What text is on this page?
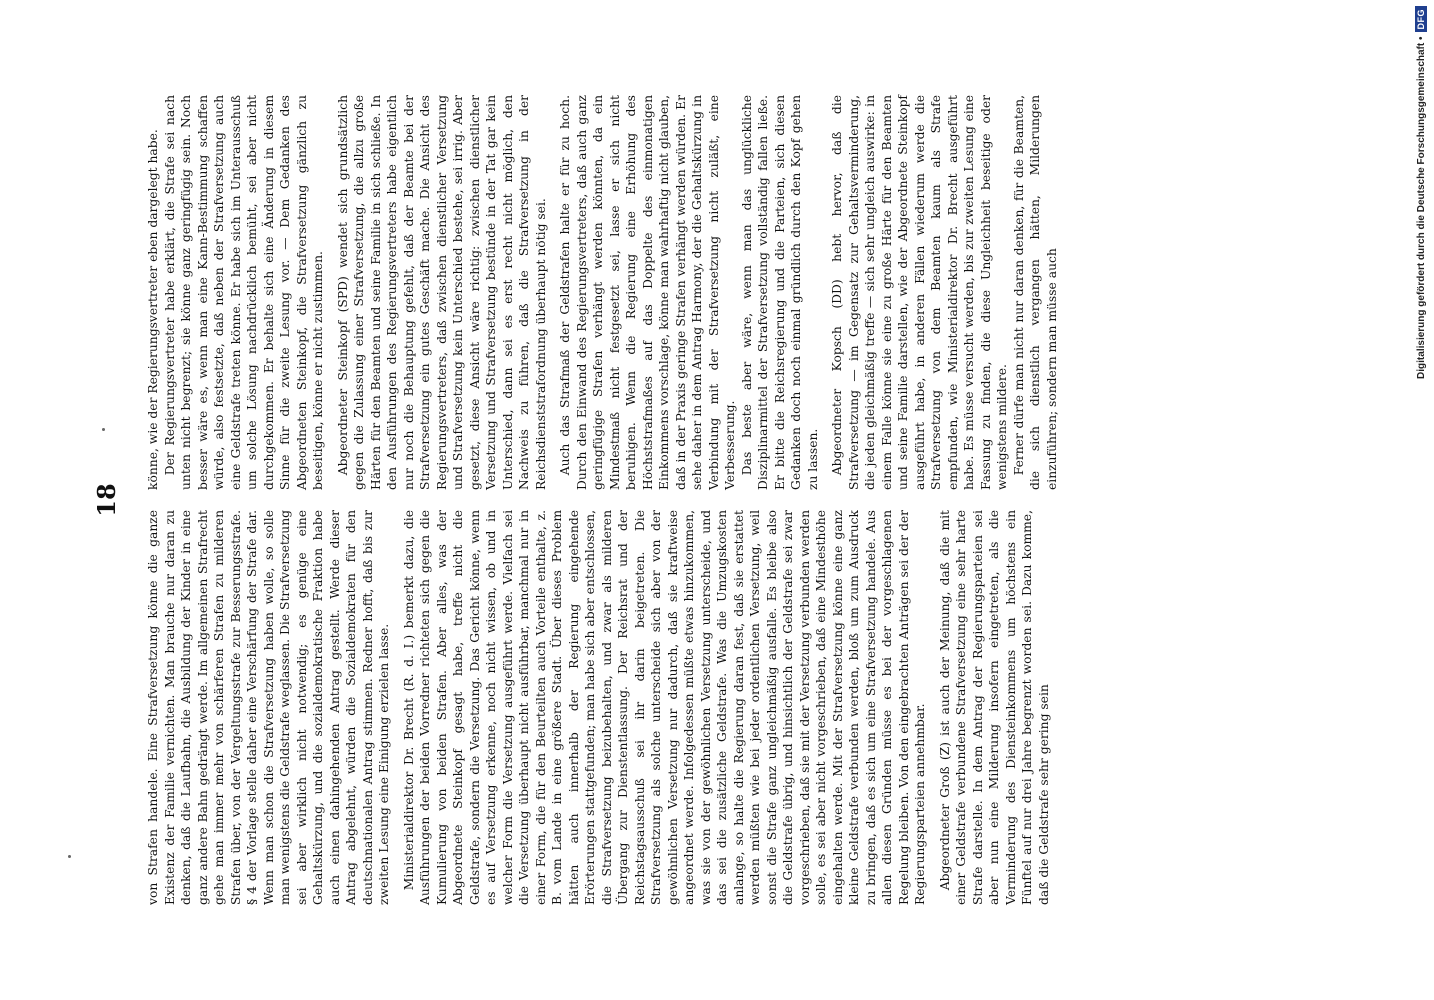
18

von Strafen handele. Eine Strafversetzung könne die ganze Existenz der Familie vernichten. Man brauche nur daran zu denken, daß die Laufbahn, die Ausbildung der Kinder in eine ganz andere Bahn gedrängt werde. Im allgemeinen Strafrecht gehe man immer mehr von schärferen Strafen zu milderen Strafen über, von der Vergeltungsstrafe zur Besserungsstrafe. § 4 der Vorlage stelle daher eine Verschärfung der Strafe dar. Wenn man schon die Strafversetzung haben wolle, so solle man wenigstens die Geldstrafe weglassen. Die Strafversetzung sei aber wirklich nicht notwendig; es genüge eine Gehaltskürzung, und die sozialdemokratische Fraktion habe auch einen dahingehenden Antrag gestellt. Werde dieser Antrag abgelehnt, würden die Sozialdemokraten für den deutschnationalen Antrag stimmen. Redner hofft, daß bis zur zweiten Lesung eine Einigung erzielen lasse. Ministerialdirektor Dr. Brecht (R. d. I.) bemerkt dazu, die Ausführungen der beiden Vorredner richteten sich gegen die Kumulierung von beiden Strafen. Aber alles, was der Abgeordnete Steinkopf gesagt habe, treffe nicht die Geldstrafe, sondern die Versetzung. Das Gericht könne, wenn es auf Versetzung erkenne, noch nicht wissen, ob und in welcher Form die Versetzung ausgeführt werde. Vielfach sei die Versetzung überhaupt nicht ausführbar, manchmal nur in einer Form, die für den Beurteilten auch Vorteile enthalte, z. B. vom Lande in eine größere Stadt. Über dieses Problem hätten auch innerhalb der Regierung eingehende Erörterungen stattgefunden; man habe sich aber entschlossen, die Strafversetzung beizubehalten, und zwar als milderen Übergang zur Dienstentlassung. Der Reichsrat und der Reichstagsausschuß sei ihr darin beigetreten. Die Strafversetzung als solche unterscheide sich aber von der gewöhnlichen Versetzung nur dadurch, daß sie kraftweise angeordnet werde. Infolgedessen müßte etwas hinzukommen, was sie von der gewöhnlichen Versetzung unterscheide, und das sei die zusätzliche Geldstrafe. Was die Umzugskosten anlange, so halte die Regierung daran fest, daß sie erstattet werden müßten wie bei jeder ordentlichen Versetzung, weil sonst die Strafe ganz ungleichmäßig ausfalle. Es bleibe also die Geldstrafe übrig, und hinsichtlich der Geldstrafe sei zwar vorgeschrieben, daß sie mit der Versetzung verbunden werden solle, es sei aber nicht vorgeschrieben, daß eine Mindesthöhe eingehalten werde. Mit der Strafversetzung könne eine ganz kleine Geldstrafe verbunden werden, bloß um zum Ausdruck zu bringen, daß es sich um eine Strafversetzung handele. Aus allen diesen Gründen müsse es bei der vorgeschlagenen Regelung bleiben. Von den eingebrachten Anträgen sei der der Regierungsparteien annehmbar. Abgeordneter Groß (Z) ist auch der Meinung, daß die mit einer Geldstrafe verbundene Strafversetzung eine sehr harte Strafe darstelle. In dem Antrag der Regierungsparteien sei aber nun eine Milderung insofern eingetreten, als die Verminderung des Diensteinkommens um höchstens ein Fünftel auf nur drei Jahre begrenzt worden sei. Dazu komme, daß die Geldstrafe sehr gering sein

könne, wie der Regierungsvertreter eben dargelegt habe. Der Regierungsvertreter habe erklärt, die Strafe sei nach unten nicht begrenzt; sie könne ganz geringfügig sein. Noch besser wäre es, wenn man eine Kann-Bestimmung schaffen würde, also festsetzte, daß neben der Strafversetzung auch eine Geldstrafe treten könne. Er habe sich im Unterausschuß um solche Lösung nachdrücklich bemüht, sei aber nicht durchgekommen. Er behalte sich eine Änderung in diesem Sinne für die zweite Lesung vor. — Dem Gedanken des Abgeordneten Steinkopf, die Strafversetzung gänzlich zu beseitigen, könne er nicht zustimmen. Abgeordneter Steinkopf (SPD) wendet sich grundsätzlich gegen die Zulassung einer Strafversetzung, die allzu große Härten für den Beamten und seine Familie in sich schließe. In den Ausführungen des Regierungsvertreters habe eigentlich nur noch die Behauptung gefehlt, daß der Beamte bei der Strafversetzung ein gutes Geschäft mache. Die Ansicht des Regierungsvertreters, daß zwischen dienstlicher Versetzung und Strafversetzung kein Unterschied bestehe, sei irrig. Aber gesetzt, diese Ansicht wäre richtig: zwischen dienstlicher Versetzung und Strafversetzung bestünde in der Tat gar kein Unterschied, dann sei es erst recht nicht möglich, den Nachweis zu führen, daß die Strafversetzung in der Reichsdienststrafordnung überhaupt nötig sei. Auch das Strafmaß der Geldstrafen halte er für zu hoch. Durch den Einwand des Regierungsvertreters, daß auch ganz geringfügige Strafen verhängt werden könnten, da ein Mindestmaß nicht festgesetzt sei, lasse er sich nicht beruhigen. Wenn die Regierung eine Erhöhung des Höchststrafmaßes auf das Doppelte des einmonatigen Einkommens vorschlage, könne man wahrhaftig nicht glauben, daß in der Praxis geringe Strafen verhängt werden würden. Er sehe daher in dem Antrag Harmony, der die Gehaltskürzung in Verbindung mit der Strafversetzung nicht zuläßt, eine Verbesserung. Das beste aber wäre, wenn man das unglückliche Disziplinarmittel der Strafversetzung vollständig fallen ließe. Er bitte die Reichsregierung und die Parteien, sich diesen Gedanken doch noch einmal gründlich durch den Kopf gehen zu lassen. Abgeordneter Kopsch (DD) hebt hervor, daß die Strafversetzung — im Gegensatz zur Gehaltsverminderung, die jeden gleichmäßig treffe — sich sehr ungleich auswirke: in einem Falle könne sie eine zu große Härte für den Beamten und seine Familie darstellen, wie der Abgeordnete Steinkopf ausgeführt habe, in anderen Fällen wiederum werde die Strafversetzung von dem Beamten kaum als Strafe empfunden, wie Ministerialdirektor Dr. Brecht ausgeführt habe. Es müsse versucht werden, bis zur zweiten Lesung eine Fassung zu finden, die diese Ungleichheit beseitige oder wenigstens mildere. Ferner dürfe man nicht nur daran denken, für die Beamten, die sich dienstlich vergangen hätten, Milderungen einzuführen; sondern man müsse auch	Digitalisierung gefördert durch die Deutsche Forschungsgemeinschaft •
DFG
